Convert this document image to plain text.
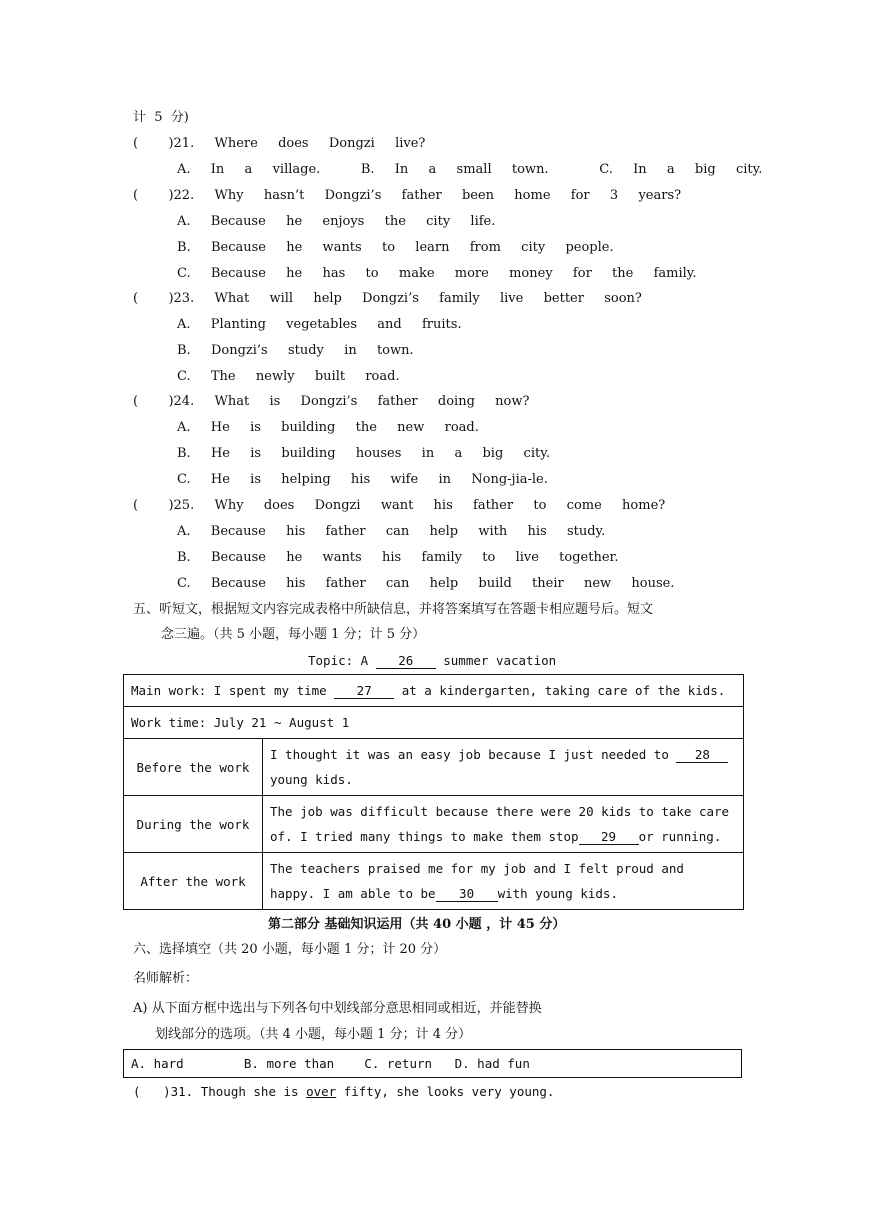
计  5  分)
(   )21.  Where  does  Dongzi  live?
A.  In  a  village.    B.  In  a  small  town.     C.  In  a  big  city.
(   )22.  Why  hasn’t  Dongzi’s  father  been  home  for  3  years?
A.  Because  he  enjoys  the  city  life.
B.  Because  he  wants  to  learn  from  city  people.
C.  Because  he  has  to  make  more  money  for  the  family.
(   )23.  What  will  help  Dongzi’s  family  live  better  soon?
A.  Planting  vegetables  and  fruits.
B.  Dongzi’s  study  in  town.
C.  The  newly  built  road.
(   )24.  What  is  Dongzi’s  father  doing  now?
A.  He  is  building  the  new  road.
B.  He  is  building  houses  in  a  big  city.
C.  He  is  helping  his  wife  in  Nong-jia-le.
(   )25.  Why  does  Dongzi  want  his  father  to  come  home?
A.  Because  his  father  can  help  with  his  study.
B.  Because  he  wants  his  family  to  live  together.
C.  Because  his  father  can  help  build  their  new  house.
五、听短文，根据短文内容完成表格中所缺信息，并将答案填写在答题卡相应题号后。短文
念三遍。（共 5 小题，每小题 1 分；计 5 分）
Topic: A 26 summer vacation
Main work: I spent my time 27 at a kindergarten, taking care of the kids.	
Work time: July 21 ~ August 1	
Before the work	I thought it was an easy job because I just needed to 28
young kids.
During the work	The job was difficult because there were 20 kids to take care of. I tried many things to make them stop 29 or running.
After the work	The teachers praised me for my job and I felt proud and happy. I am able to be 30 with young kids.
第二部分 基础知识运用（共 40 小题 ，计 45 分）
六、选择填空（共 20 小题，每小题 1 分；计 20 分）
名师解析：
A) 从下面方框中选出与下列各句中划线部分意思相同或相近，并能替换
划线部分的选项。（共 4 小题，每小题 1 分；计 4 分）
A. hard        B. more than    C. return   D. had fun
(   )31. Though she is over fifty, she looks very young.
